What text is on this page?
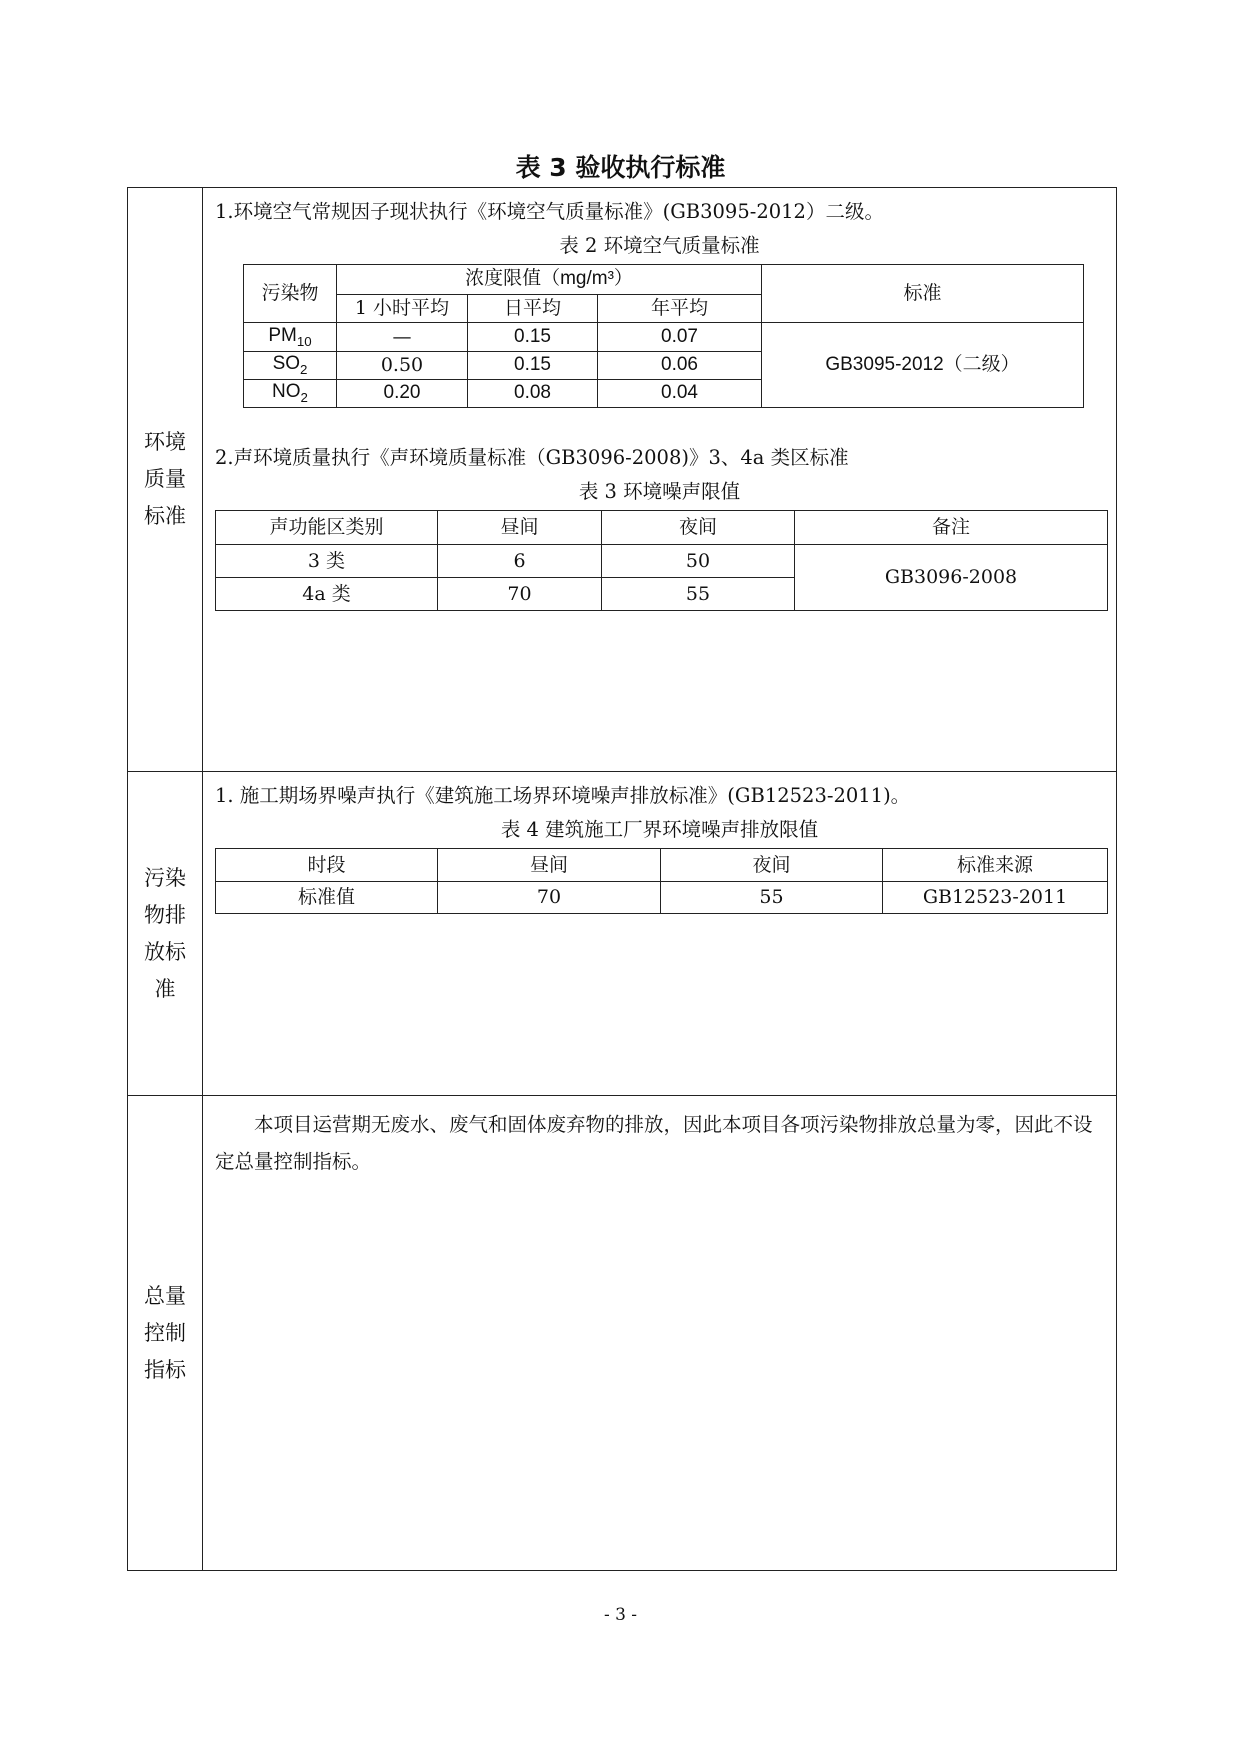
表 3 验收执行标准
环境
质量
标准

1.环境空气常规因子现状执行《环境空气质量标准》(GB3095-2012）二级。
表 2 环境空气质量标准
污染物	浓度限值（mg/m³）	标准
1 小时平均	日平均	年平均
$PM_{10}$	—	0.15	0.07	GB3095-2012（二级）
$SO_2$	0.50	0.15	0.06
$NO_2$	0.20	0.08	0.04
2.声环境质量执行《声环境质量标准（GB3096-2008)》3、4a 类区标准
表 3 环境噪声限值
声功能区类别	昼间	夜间	备注
3 类	6	50	GB3096-2008
4a 类	70	55

污染
物排
放标
准

1. 施工期场界噪声执行《建筑施工场界环境噪声排放标准》(GB12523-2011)。
表 4 建筑施工厂界环境噪声排放限值
时段	昼间	夜间	标准来源
标准值	70	55	GB12523-2011

总量
控制
指标

本项目运营期无废水、废气和固体废弃物的排放，因此本项目各项污染物排放总量为零，因此不设定总量控制指标。
- 3 -
